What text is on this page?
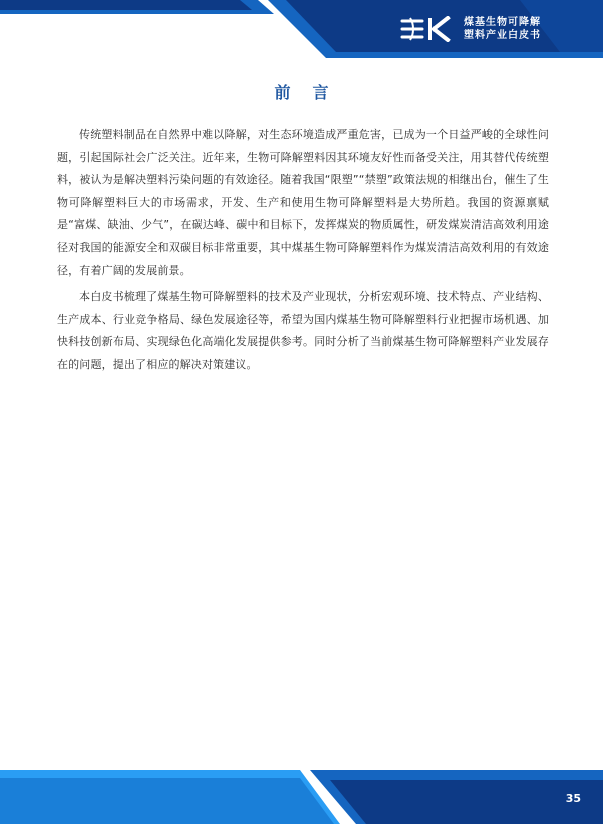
煤基生物可降解
塑料产业白皮书
前言

传统塑料制品在自然界中难以降解，对生态环境造成严重危害，已成为一个日益严峻的全球性问题，引起国际社会广泛关注。近年来，生物可降解塑料因其环境友好性而备受关注，用其替代传统塑料，被认为是解决塑料污染问题的有效途径。随着我国“限塑”“禁塑”政策法规的相继出台，催生了生物可降解塑料巨大的市场需求，开发、生产和使用生物可降解塑料是大势所趋。我国的资源禀赋是“富煤、缺油、少气”，在碳达峰、碳中和目标下，发挥煤炭的物质属性，研发煤炭清洁高效利用途径对我国的能源安全和双碳目标非常重要，其中煤基生物可降解塑料作为煤炭清洁高效利用的有效途径，有着广阔的发展前景。

本白皮书梳理了煤基生物可降解塑料的技术及产业现状，分析宏观环境、技术特点、产业结构、生产成本、行业竞争格局、绿色发展途径等，希望为国内煤基生物可降解塑料行业把握市场机遇、加快科技创新布局、实现绿色化高端化发展提供参考。同时分析了当前煤基生物可降解塑料产业发展存在的问题，提出了相应的解决对策建议。

35
